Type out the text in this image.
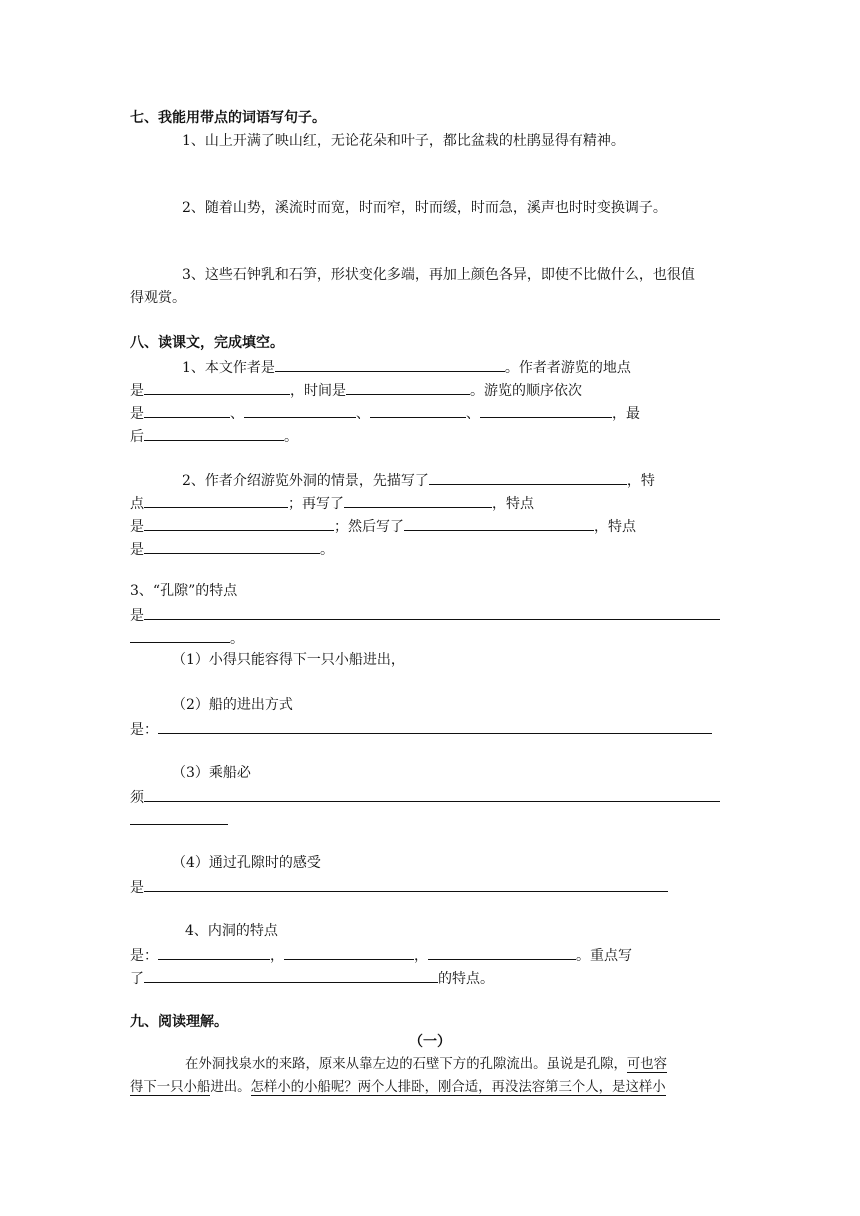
七、我能用带点的词语写句子。
1、山上开满了映山红，无论花朵和叶子，都比盆栽的杜鹃显得有精神。
2、随着山势，溪流时而宽，时而窄，时而缓，时而急，溪声也时时变换调子。
3、这些石钟乳和石笋，形状变化多端，再加上颜色各异，即使不比做什么，也很值
得观赏。
八、读课文，完成填空。
1、本文作者是	。作者者游览的地点
是	，时间是	。游览的顺序依次
是	、	、	、	，最
后	。
2、作者介绍游览外洞的情景，先描写了	，特
点	；再写了	，特点
是	；然后写了	，特点
是	。
3、“孔隙”的特点
是
。
（1）小得只能容得下一只小船进出，
（2）船的进出方式
是：
（3）乘船必
须
（4）通过孔隙时的感受
是
4、内洞的特点
是：	，	，	。重点写
了	的特点。
九、阅读理解。
（一）
在外洞找泉水的来路，原来从靠左边的石壁下方的孔隙流出。虽说是孔隙，可也容
得下一只小船进出。怎样小的小船呢？两个人排卧，刚合适，再没法容第三个人，是这样小
